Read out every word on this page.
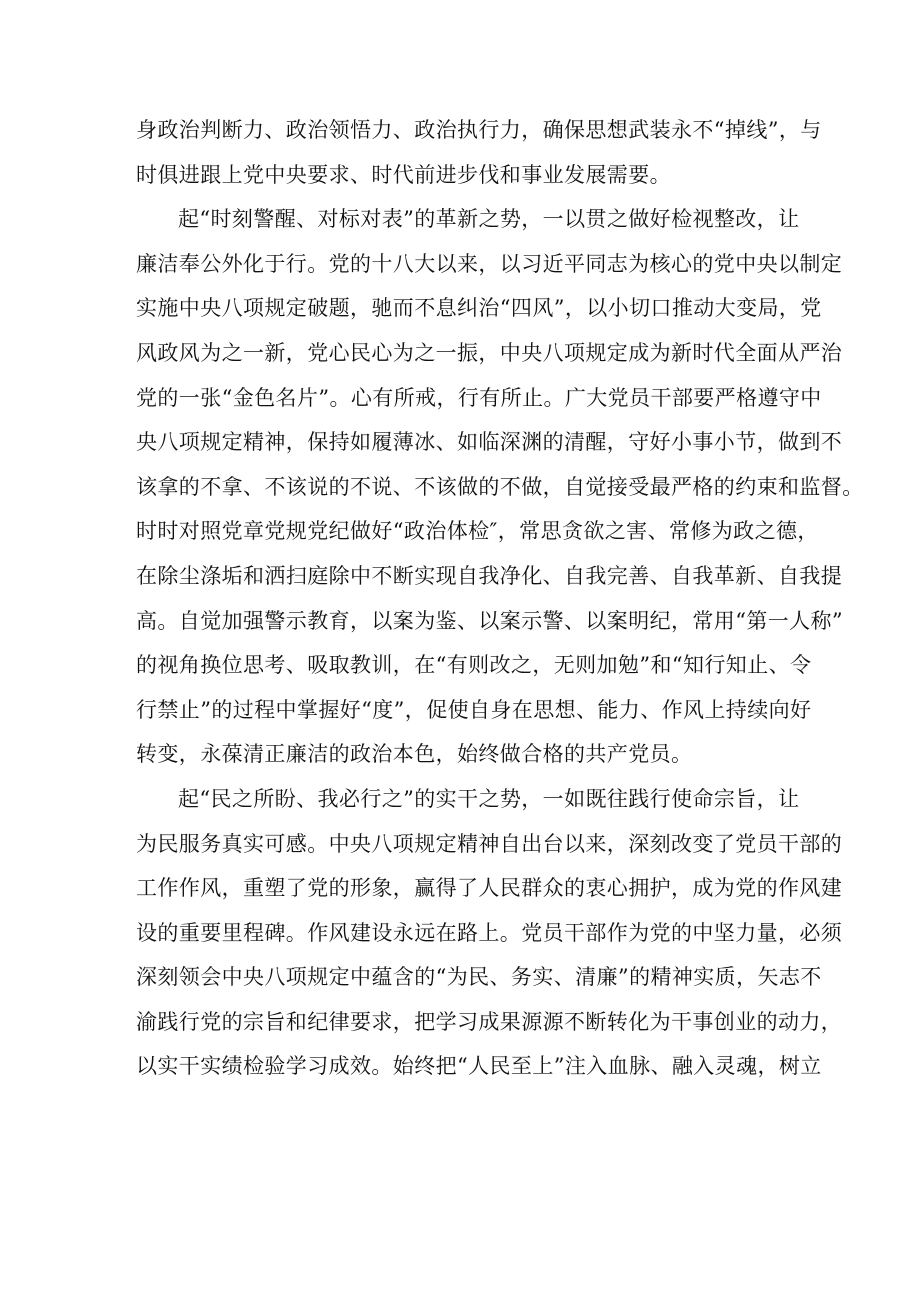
身政治判断力、政治领悟力、政治执行力，确保思想武装永不“掉线”，与
时俱进跟上党中央要求、时代前进步伐和事业发展需要。
起“时刻警醒、对标对表”的革新之势，一以贯之做好检视整改，让
廉洁奉公外化于行。党的十八大以来，以习近平同志为核心的党中央以制定
实施中央八项规定破题，驰而不息纠治“四风”，以小切口推动大变局，党
风政风为之一新，党心民心为之一振，中央八项规定成为新时代全面从严治
党的一张“金色名片”。心有所戒，行有所止。广大党员干部要严格遵守中
央八项规定精神，保持如履薄冰、如临深渊的清醒，守好小事小节，做到不
该拿的不拿、不该说的不说、不该做的不做，自觉接受最严格的约束和监督。
时时对照党章党规党纪做好“政治体检″，常思贪欲之害、常修为政之德，
在除尘涤垢和洒扫庭除中不断实现自我净化、自我完善、自我革新、自我提
高。自觉加强警示教育，以案为鉴、以案示警、以案明纪，常用“第一人称”
的视角换位思考、吸取教训，在“有则改之，无则加勉”和“知行知止、令
行禁止”的过程中掌握好“度”，促使自身在思想、能力、作风上持续向好
转变，永葆清正廉洁的政治本色，始终做合格的共产党员。
起“民之所盼、我必行之”的实干之势，一如既往践行使命宗旨，让
为民服务真实可感。中央八项规定精神自出台以来，深刻改变了党员干部的
工作作风，重塑了党的形象，赢得了人民群众的衷心拥护，成为党的作风建
设的重要里程碑。作风建设永远在路上。党员干部作为党的中坚力量，必须
深刻领会中央八项规定中蕴含的“为民、务实、清廉”的精神实质，矢志不
渝践行党的宗旨和纪律要求，把学习成果源源不断转化为干事创业的动力，
以实干实绩检验学习成效。始终把“人民至上”注入血脉、融入灵魂，树立
